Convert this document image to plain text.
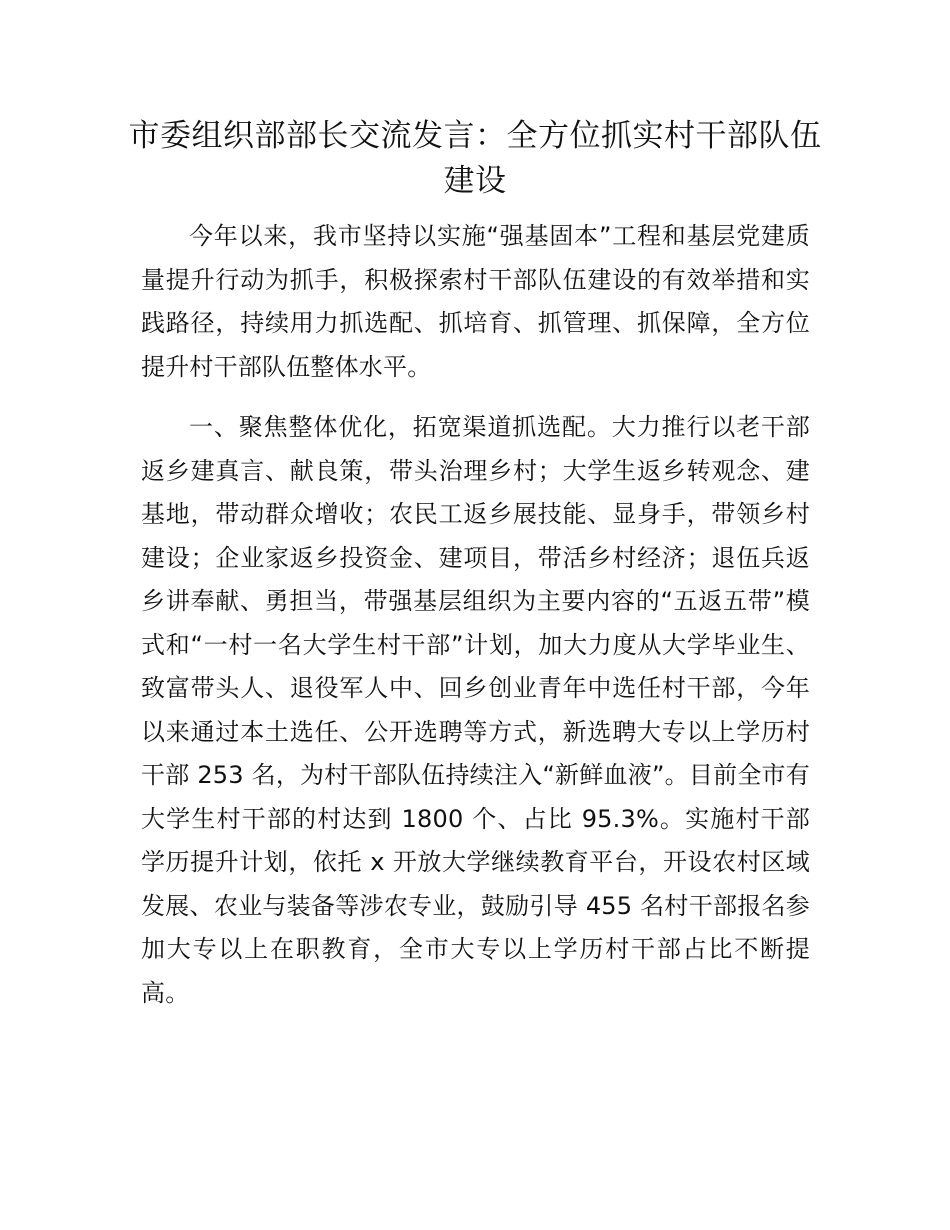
市委组织部部长交流发言：全方位抓实村干部队伍建设

今年以来，我市坚持以实施“强基固本”工程和基层党建质量提升行动为抓手，积极探索村干部队伍建设的有效举措和实践路径，持续用力抓选配、抓培育、抓管理、抓保障，全方位提升村干部队伍整体水平。

一、聚焦整体优化，拓宽渠道抓选配。大力推行以老干部返乡建真言、献良策，带头治理乡村；大学生返乡转观念、建基地，带动群众增收；农民工返乡展技能、显身手，带领乡村建设；企业家返乡投资金、建项目，带活乡村经济；退伍兵返乡讲奉献、勇担当，带强基层组织为主要内容的“五返五带”模式和“一村一名大学生村干部”计划，加大力度从大学毕业生、致富带头人、退役军人中、回乡创业青年中选任村干部，今年以来通过本土选任、公开选聘等方式，新选聘大专以上学历村干部 253 名，为村干部队伍持续注入“新鲜血液”。目前全市有大学生村干部的村达到 1800 个、占比 95.3%。实施村干部学历提升计划，依托 x 开放大学继续教育平台，开设农村区域发展、农业与装备等涉农专业，鼓励引导 455 名村干部报名参加大专以上在职教育，全市大专以上学历村干部占比不断提高。
